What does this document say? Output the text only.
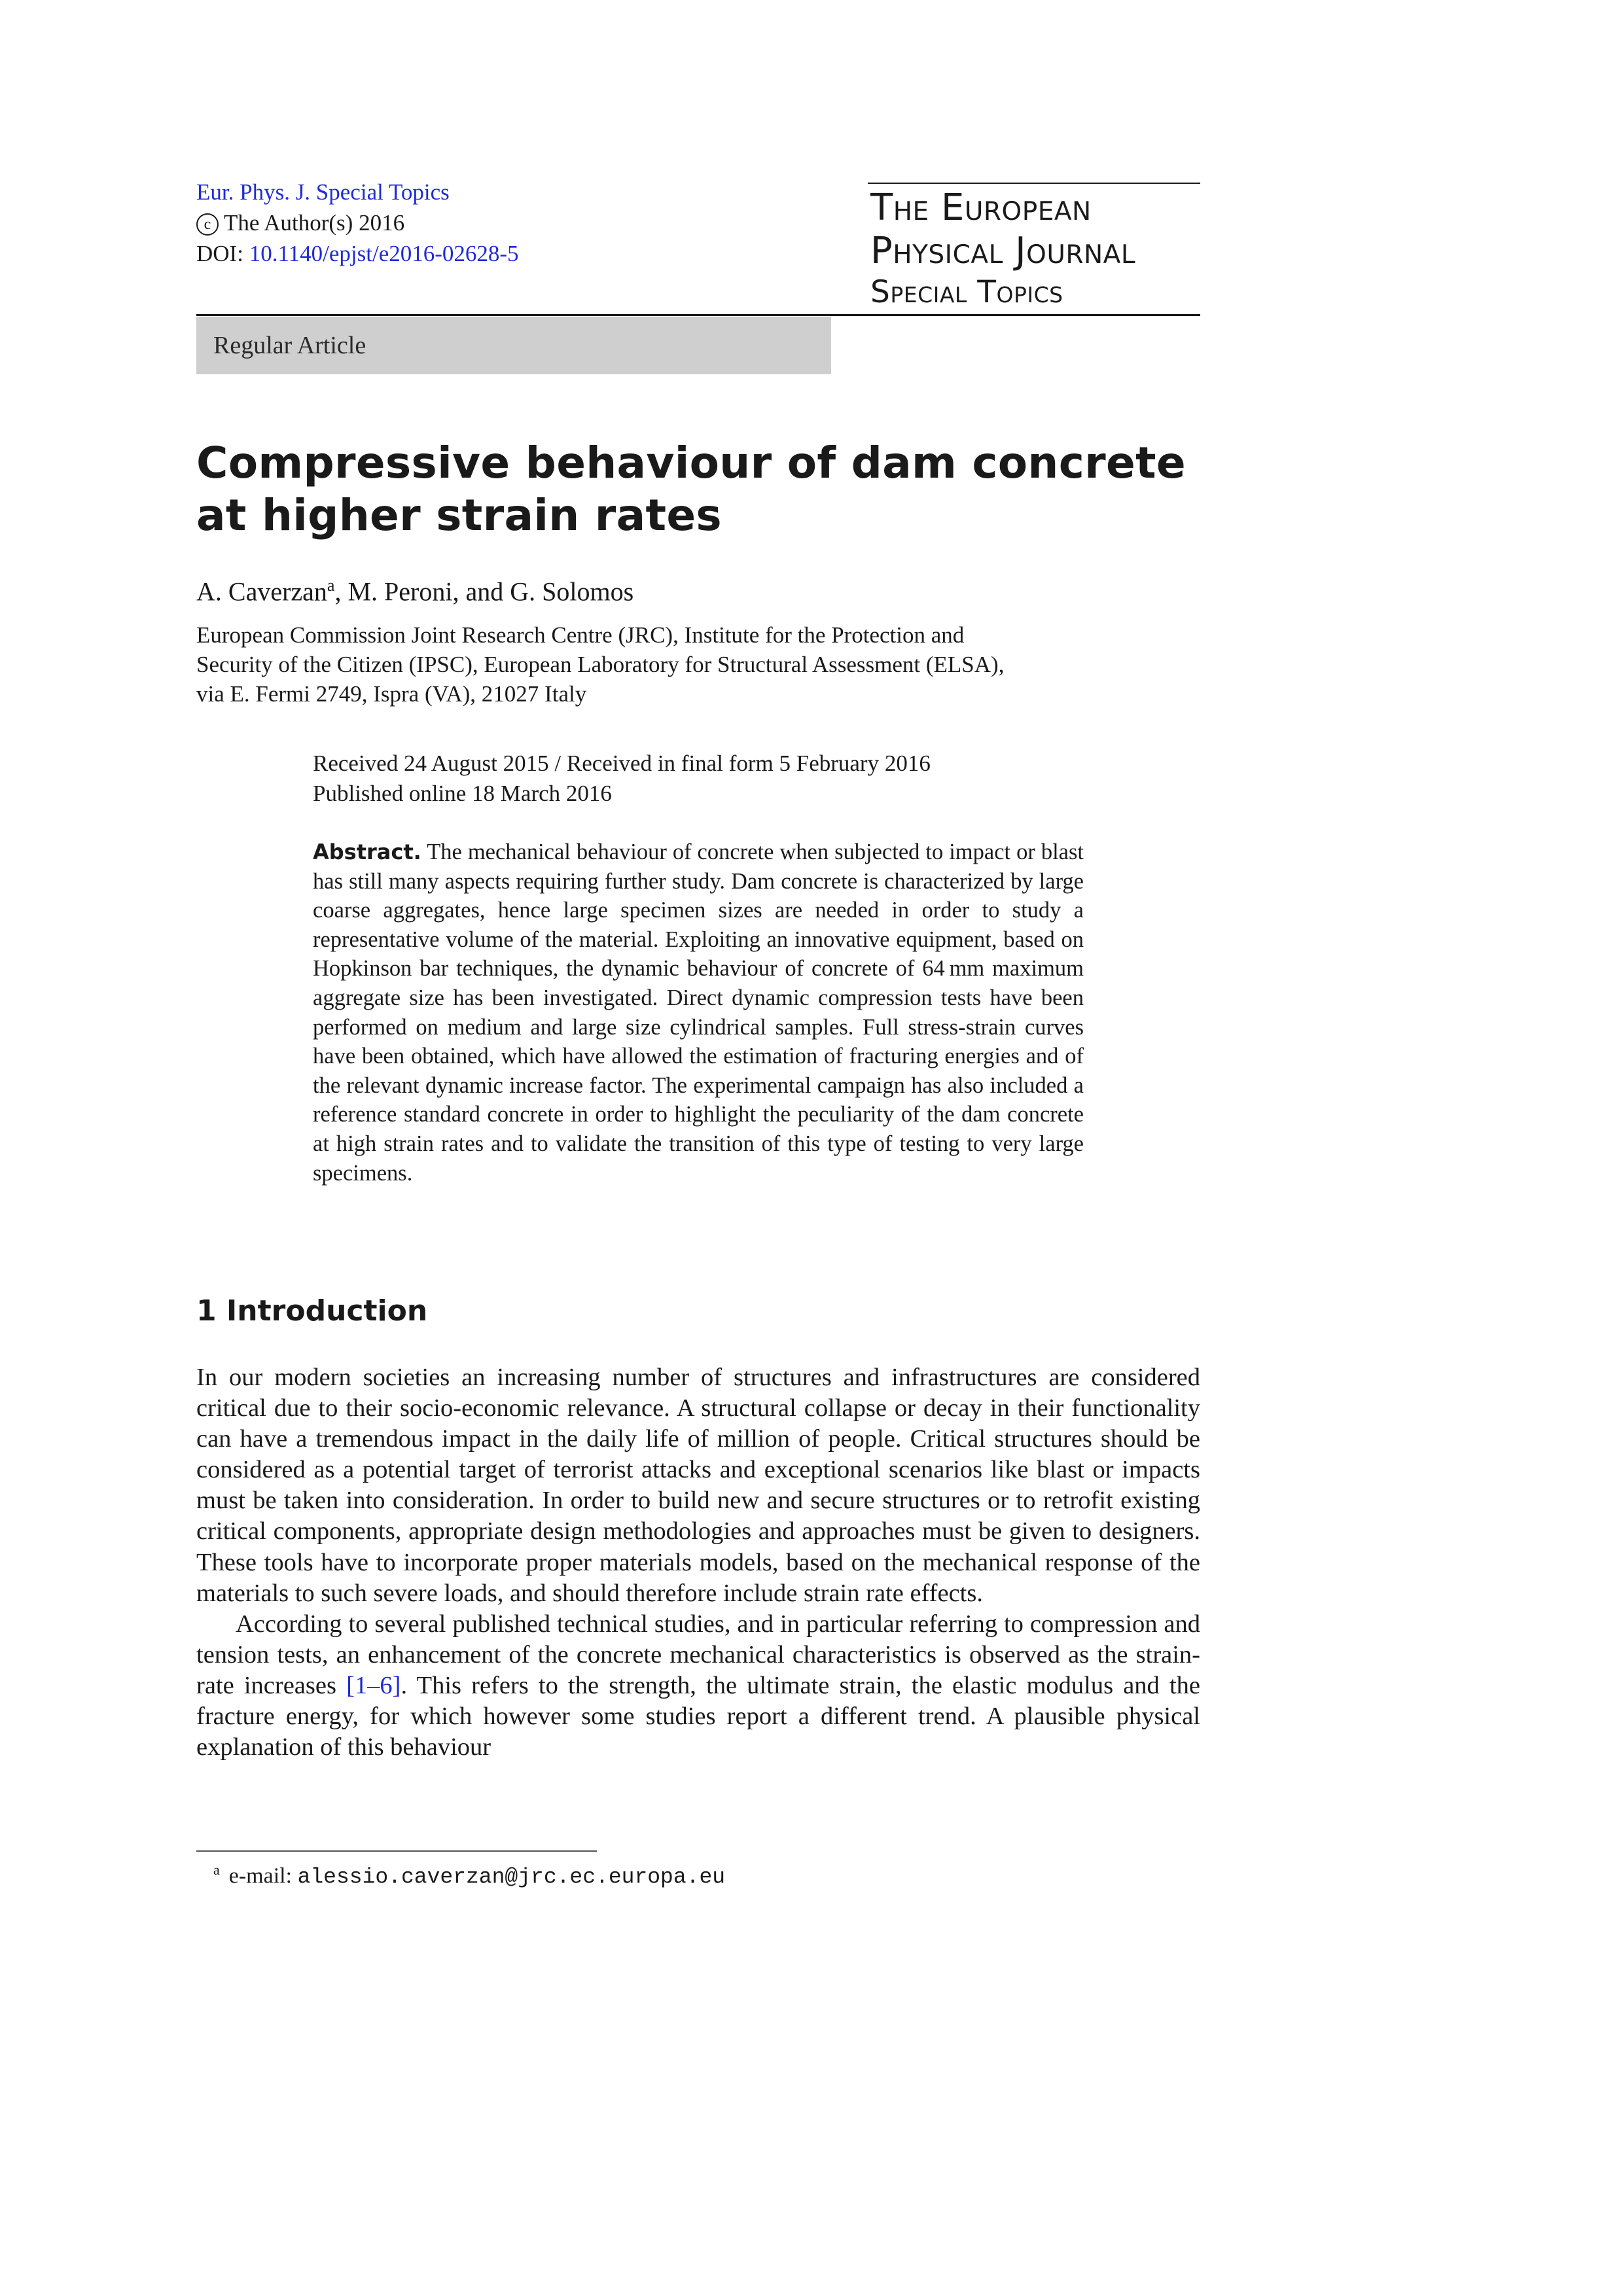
Eur. Phys. J. Special Topics
c The Author(s) 2016
DOI: 10.1140/epjst/e2016-02628-5
The European
Physical Journal
Special Topics
Regular Article
Compressive behaviour of dam concrete
at higher strain rates
A. Caverzan$^a$, M. Peroni, and G. Solomos
European Commission Joint Research Centre (JRC), Institute for the Protection and
Security of the Citizen (IPSC), European Laboratory for Structural Assessment (ELSA),
via E. Fermi 2749, Ispra (VA), 21027 Italy
Received 24 August 2015 / Received in final form 5 February 2016
Published online 18 March 2016
Abstract. The mechanical behaviour of concrete when subjected to impact or blast has still many aspects requiring further study. Dam concrete is characterized by large coarse aggregates, hence large specimen sizes are needed in order to study a representative volume of the material. Exploiting an innovative equipment, based on Hopkinson bar techniques, the dynamic behaviour of concrete of 64 mm maximum aggregate size has been investigated. Direct dynamic compression tests have been performed on medium and large size cylindrical samples. Full stress-strain curves have been obtained, which have allowed the estimation of fracturing energies and of the relevant dynamic increase factor. The experimental campaign has also included a reference standard concrete in order to highlight the peculiarity of the dam concrete at high strain rates and to validate the transition of this type of testing to very large specimens.
1 Introduction

In our modern societies an increasing number of structures and infrastructures are considered critical due to their socio-economic relevance. A structural collapse or decay in their functionality can have a tremendous impact in the daily life of million of people. Critical structures should be considered as a potential target of terrorist attacks and exceptional scenarios like blast or impacts must be taken into consideration. In order to build new and secure structures or to retrofit existing critical components, appropriate design methodologies and approaches must be given to designers. These tools have to incorporate proper materials models, based on the mechanical response of the materials to such severe loads, and should therefore include strain rate effects.

According to several published technical studies, and in particular referring to compression and tension tests, an enhancement of the concrete mechanical characteristics is observed as the strain-rate increases [1–6]. This refers to the strength, the ultimate strain, the elastic modulus and the fracture energy, for which however some studies report a different trend. A plausible physical explanation of this behaviour

$^a$ e-mail: alessio.caverzan@jrc.ec.europa.eu
